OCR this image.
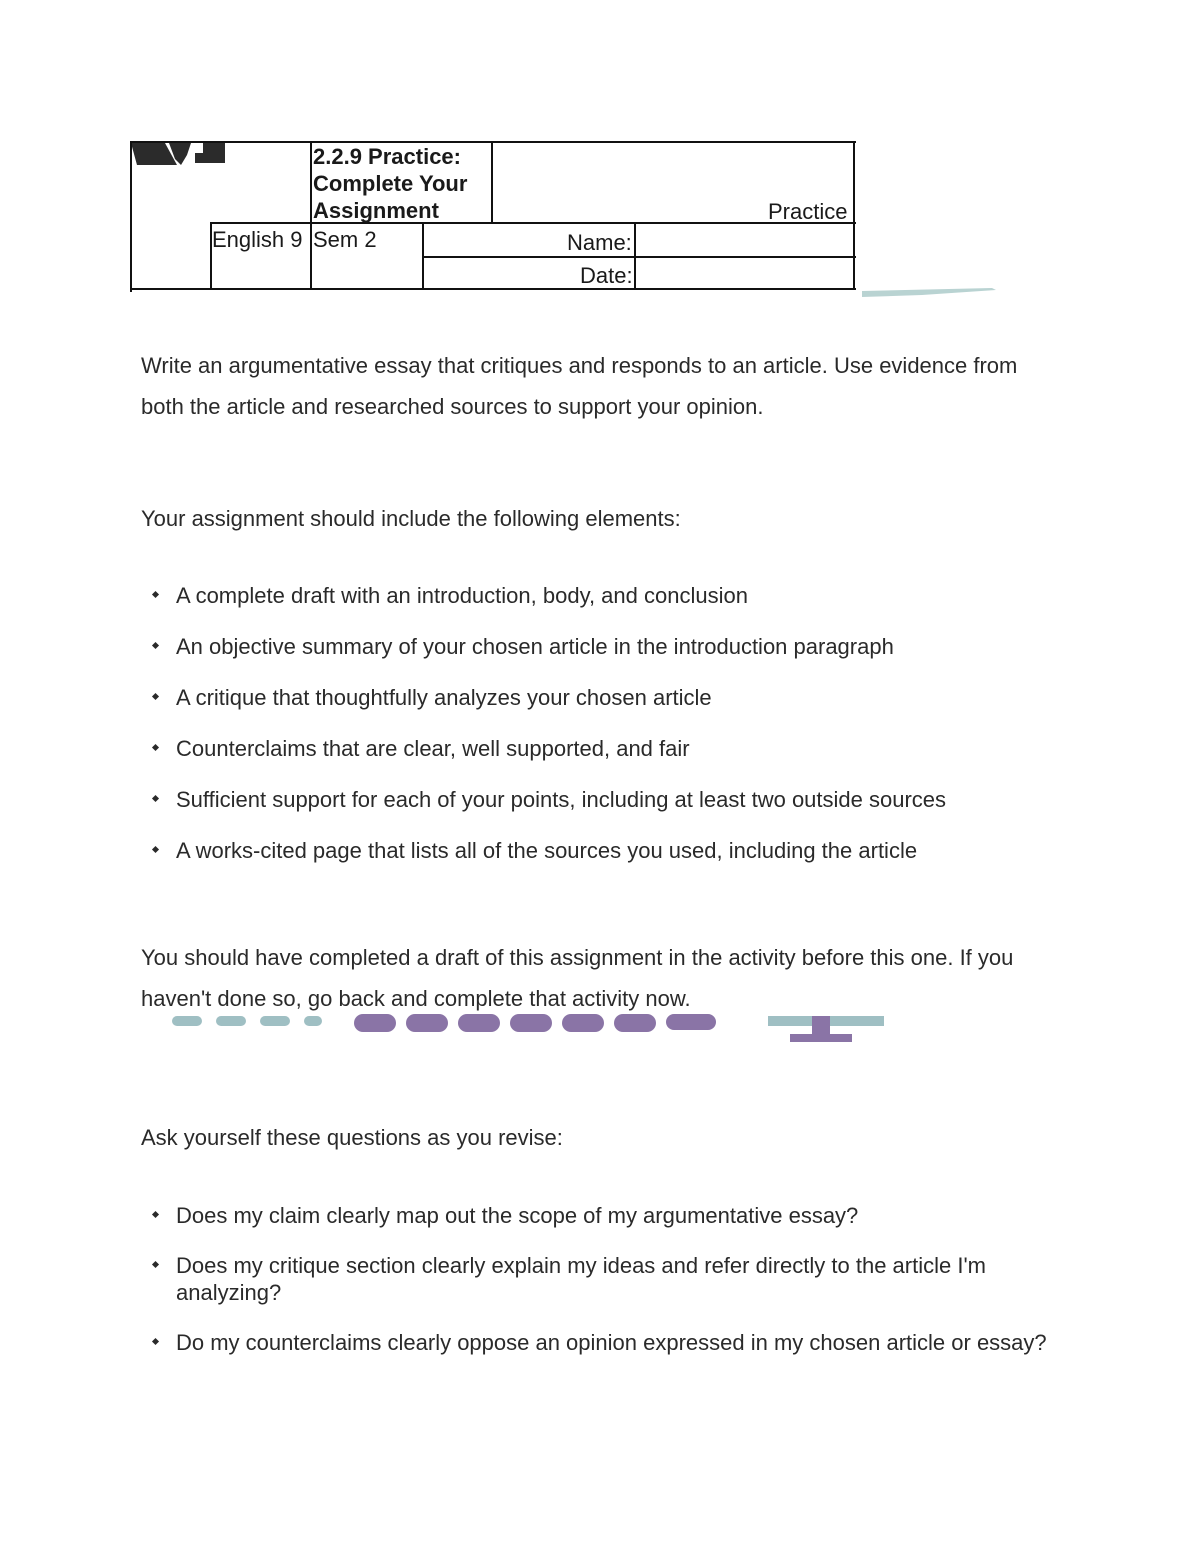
2.2.9 Practice:
Complete Your
Assignment	Practice
English 9 Sem 2	Name:
Date:

Write an argumentative essay that critiques and responds to an article. Use evidence from both the article and researched sources to support your opinion.

Your assignment should include the following elements:

A complete draft with an introduction, body, and conclusion
An objective summary of your chosen article in the introduction paragraph
A critique that thoughtfully analyzes your chosen article
Counterclaims that are clear, well supported, and fair
Sufficient support for each of your points, including at least two outside sources
A works-cited page that lists all of the sources you used, including the article

You should have completed a draft of this assignment in the activity before this one. If you haven't done so, go back and complete that activity now.

Ask yourself these questions as you revise:

Does my claim clearly map out the scope of my argumentative essay?
Does my critique section clearly explain my ideas and refer directly to the article I'm analyzing?
Do my counterclaims clearly oppose an opinion expressed in my chosen article or essay?
